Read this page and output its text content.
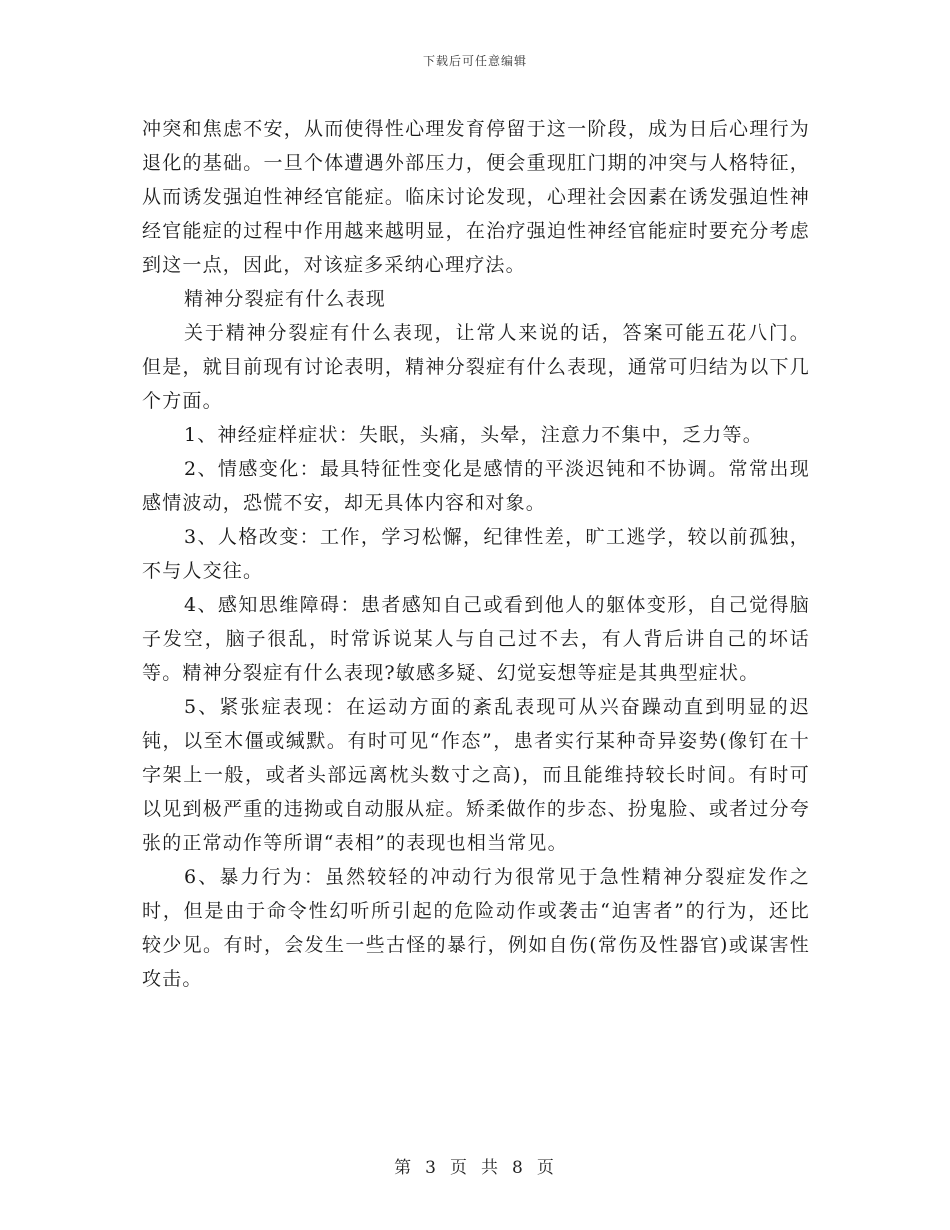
下载后可任意编辑

冲突和焦虑不安，从而使得性心理发育停留于这一阶段，成为日后心理行为退化的基础。一旦个体遭遇外部压力，便会重现肛门期的冲突与人格特征，从而诱发强迫性神经官能症。临床讨论发现，心理社会因素在诱发强迫性神经官能症的过程中作用越来越明显，在治疗强迫性神经官能症时要充分考虑到这一点，因此，对该症多采纳心理疗法。

精神分裂症有什么表现

关于精神分裂症有什么表现，让常人来说的话，答案可能五花八门。但是，就目前现有讨论表明，精神分裂症有什么表现，通常可归结为以下几个方面。

1、神经症样症状：失眠，头痛，头晕，注意力不集中，乏力等。

2、情感变化：最具特征性变化是感情的平淡迟钝和不协调。常常出现感情波动，恐慌不安，却无具体内容和对象。

3、人格改变：工作，学习松懈，纪律性差，旷工逃学，较以前孤独，不与人交往。

4、感知思维障碍：患者感知自己或看到他人的躯体变形，自己觉得脑子发空，脑子很乱，时常诉说某人与自己过不去，有人背后讲自己的坏话等。精神分裂症有什么表现?敏感多疑、幻觉妄想等症是其典型症状。

5、紧张症表现：在运动方面的紊乱表现可从兴奋躁动直到明显的迟钝，以至木僵或缄默。有时可见“作态”，患者实行某种奇异姿势(像钉在十字架上一般，或者头部远离枕头数寸之高)，而且能维持较长时间。有时可以见到极严重的违拗或自动服从症。矫柔做作的步态、扮鬼脸、或者过分夸张的正常动作等所谓“表相”的表现也相当常见。

6、暴力行为：虽然较轻的冲动行为很常见于急性精神分裂症发作之时，但是由于命令性幻听所引起的危险动作或袭击“迫害者”的行为，还比较少见。有时，会发生一些古怪的暴行，例如自伤(常伤及性器官)或谋害性攻击。

第 3 页 共 8 页
